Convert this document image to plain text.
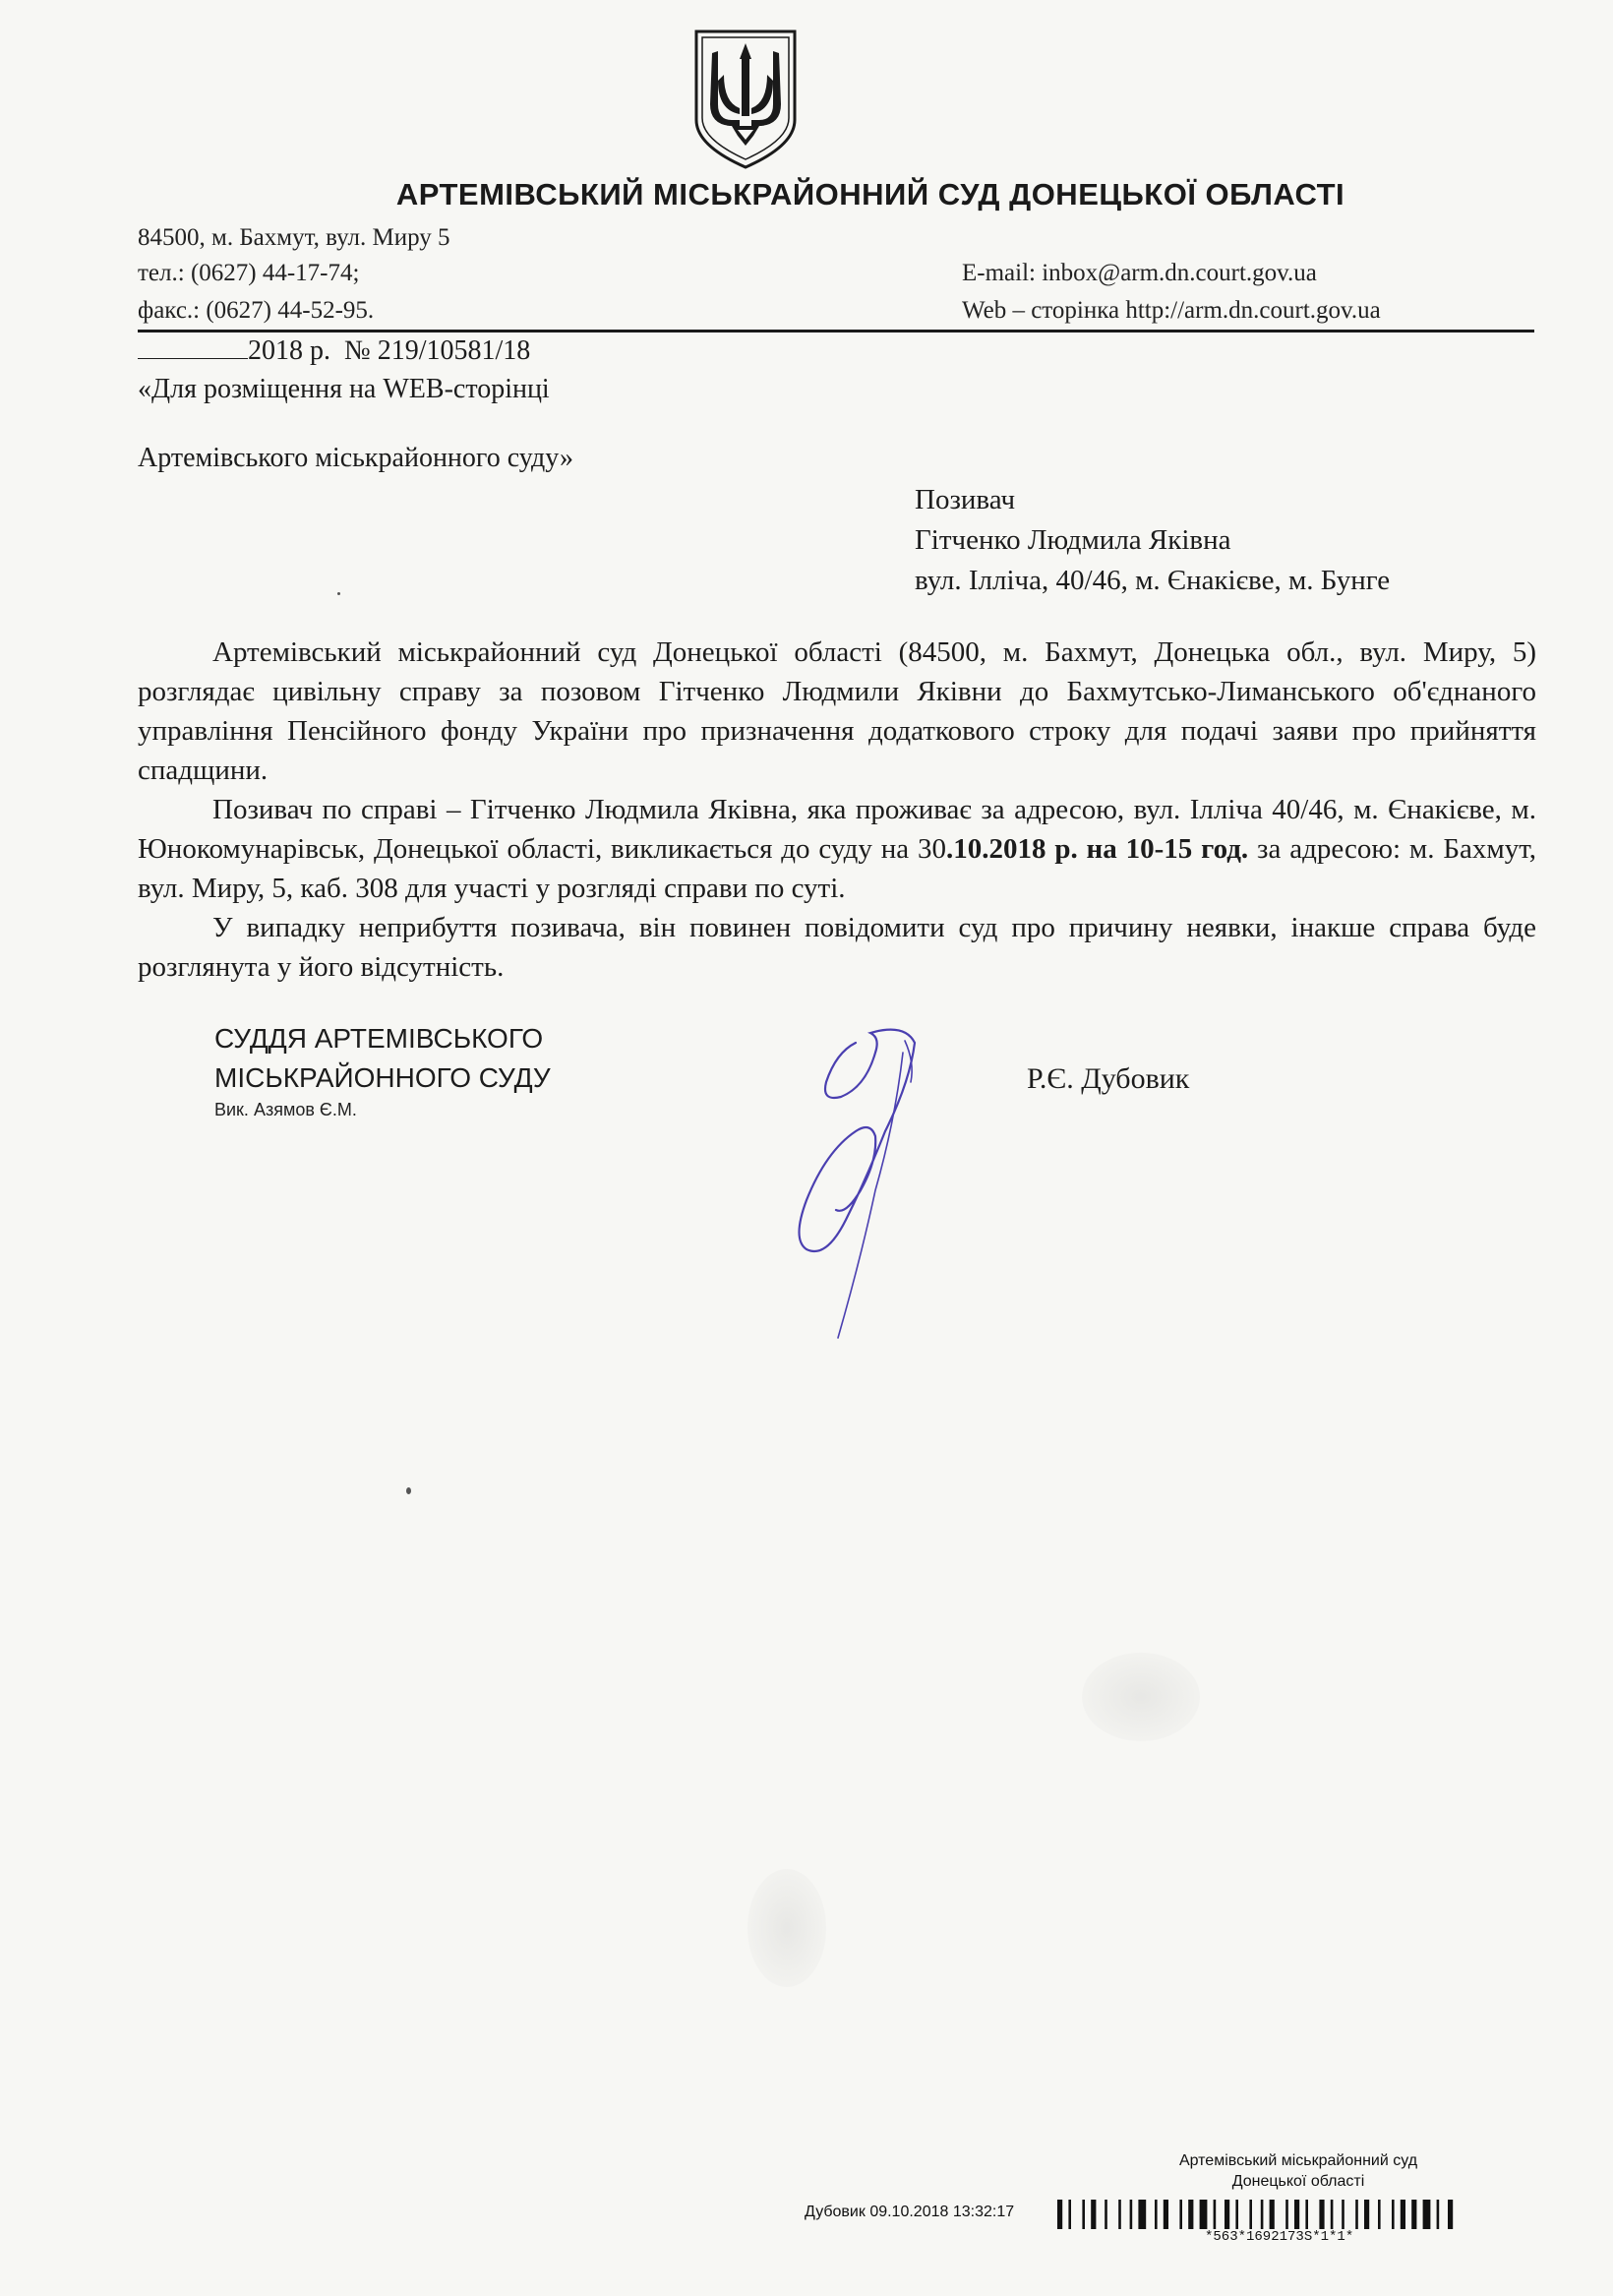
АРТЕМІВСЬКИЙ МІСЬКРАЙОННИЙ СУД ДОНЕЦЬКОЇ ОБЛАСТІ
84500, м. Бахмут, вул. Миру 5
тел.: (0627) 44-17-74;
факс.: (0627) 44-52-95.
E-mail: inbox@arm.dn.court.gov.ua
Web – сторінка http://arm.dn.court.gov.ua
2018 р. № 219/10581/18
«Для розміщення на WEB-сторінці
Артемівського міськрайонного суду»
Позивач
Гітченко Людмила Яківна
вул. Ілліча, 40/46, м. Єнакієве, м. Бунге
Артемівський міськрайонний суд Донецької області (84500, м. Бахмут, Донецька обл., вул. Миру, 5) розглядає цивільну справу за позовом Гітченко Людмили Яківни до Бахмутсько-Лиманського об'єднаного управління Пенсійного фонду України про призначення додаткового строку для подачі заяви про прийняття спадщини.
Позивач по справі – Гітченко Людмила Яківна, яка проживає за адресою, вул. Ілліча 40/46, м. Єнакієве, м. Юнокомунарівськ, Донецької області, викликається до суду на 30.10.2018 р. на 10-15 год. за адресою: м. Бахмут, вул. Миру, 5, каб. 308 для участі у розгляді справи по суті.
У випадку неприбуття позивача, він повинен повідомити суд про причину неявки, інакше справа буде розглянута у його відсутність.
СУДДЯ АРТЕМІВСЬКОГО
МІСЬКРАЙОННОГО СУДУ
Вик. Азямов Є.М.
Р.Є. Дубовик
Артемівський міськрайонний суд
Донецької області
Дубовик 09.10.2018 13:32:17
*563*1692173S*1*1*
